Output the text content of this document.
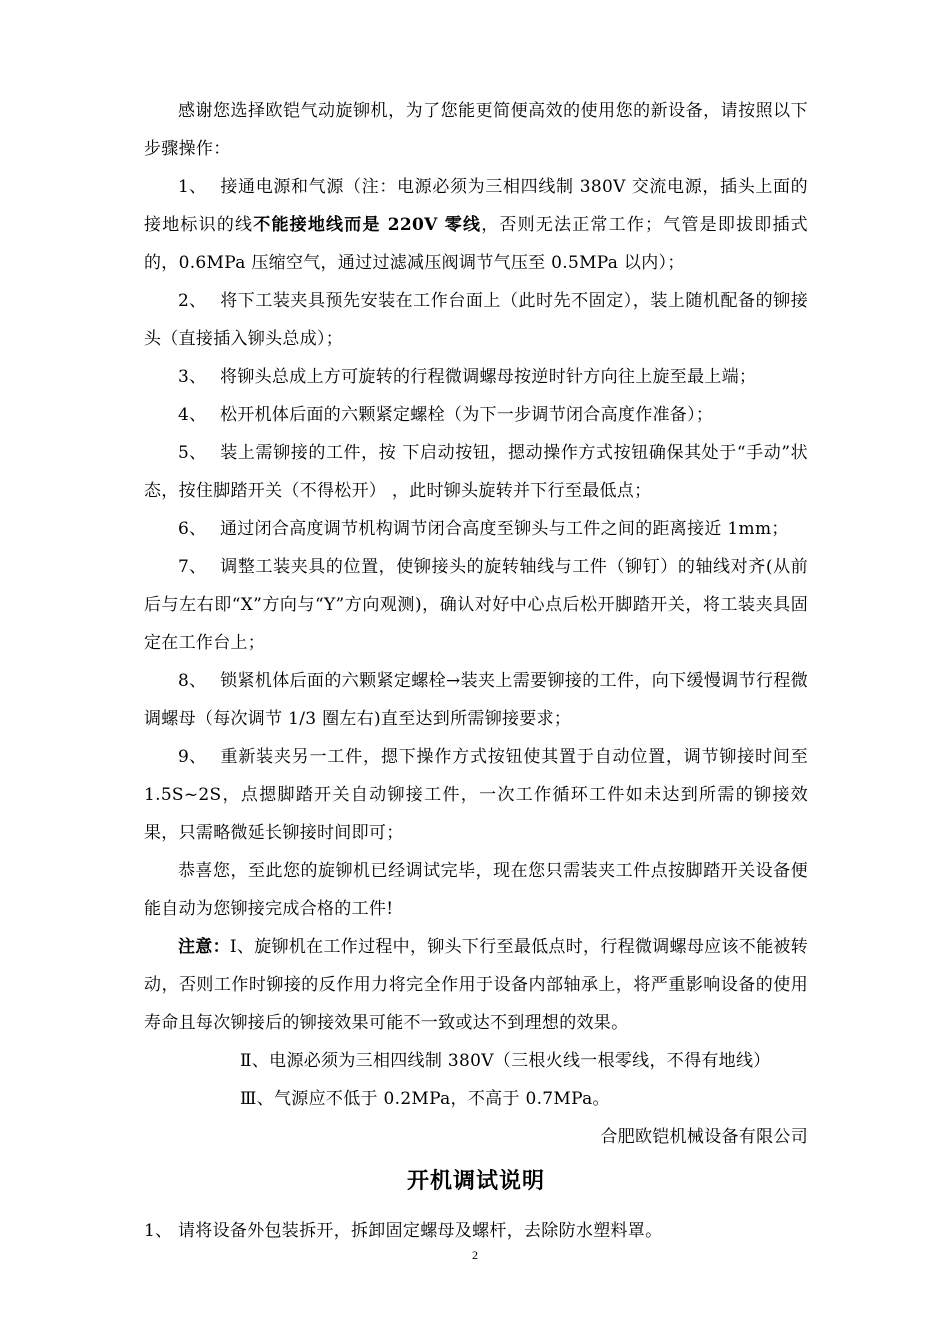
感谢您选择欧铠气动旋铆机，为了您能更简便高效的使用您的新设备，请按照以下步骤操作：

1、 接通电源和气源（注：电源必须为三相四线制 380V 交流电源，插头上面的接地标识的线不能接地线而是 220V 零线，否则无法正常工作；气管是即拔即插式的，0.6MPa 压缩空气，通过过滤减压阀调节气压至 0.5MPa 以内）；

2、 将下工装夹具预先安装在工作台面上（此时先不固定），装上随机配备的铆接头（直接插入铆头总成）；

3、 将铆头总成上方可旋转的行程微调螺母按逆时针方向往上旋至最上端；

4、 松开机体后面的六颗紧定螺栓（为下一步调节闭合高度作准备）；

5、 装上需铆接的工件，按 下启动按钮，摁动操作方式按钮确保其处于“手动”状态，按住脚踏开关（不得松开） ，此时铆头旋转并下行至最低点；

6、 通过闭合高度调节机构调节闭合高度至铆头与工件之间的距离接近 1mm；

7、 调整工装夹具的位置，使铆接头的旋转轴线与工件（铆钉）的轴线对齐(从前后与左右即“X”方向与“Y”方向观测)，确认对好中心点后松开脚踏开关，将工装夹具固定在工作台上；

8、 锁紧机体后面的六颗紧定螺栓→装夹上需要铆接的工件，向下缓慢调节行程微调螺母（每次调节 1/3 圈左右)直至达到所需铆接要求；

9、 重新装夹另一工件，摁下操作方式按钮使其置于自动位置，调节铆接时间至 1.5S~2S，点摁脚踏开关自动铆接工件，一次工作循环工件如未达到所需的铆接效果，只需略微延长铆接时间即可；

恭喜您，至此您的旋铆机已经调试完毕，现在您只需装夹工件点按脚踏开关设备便能自动为您铆接完成合格的工件!

注意：Ⅰ、旋铆机在工作过程中，铆头下行至最低点时，行程微调螺母应该不能被转动，否则工作时铆接的反作用力将完全作用于设备内部轴承上，将严重影响设备的使用寿命且每次铆接后的铆接效果可能不一致或达不到理想的效果。

Ⅱ、电源必须为三相四线制 380V（三根火线一根零线，不得有地线）

Ⅲ、气源应不低于 0.2MPa，不高于 0.7MPa。

合肥欧铠机械设备有限公司

开机调试说明

1、 请将设备外包装拆开，拆卸固定螺母及螺杆，去除防水塑料罩。

2
